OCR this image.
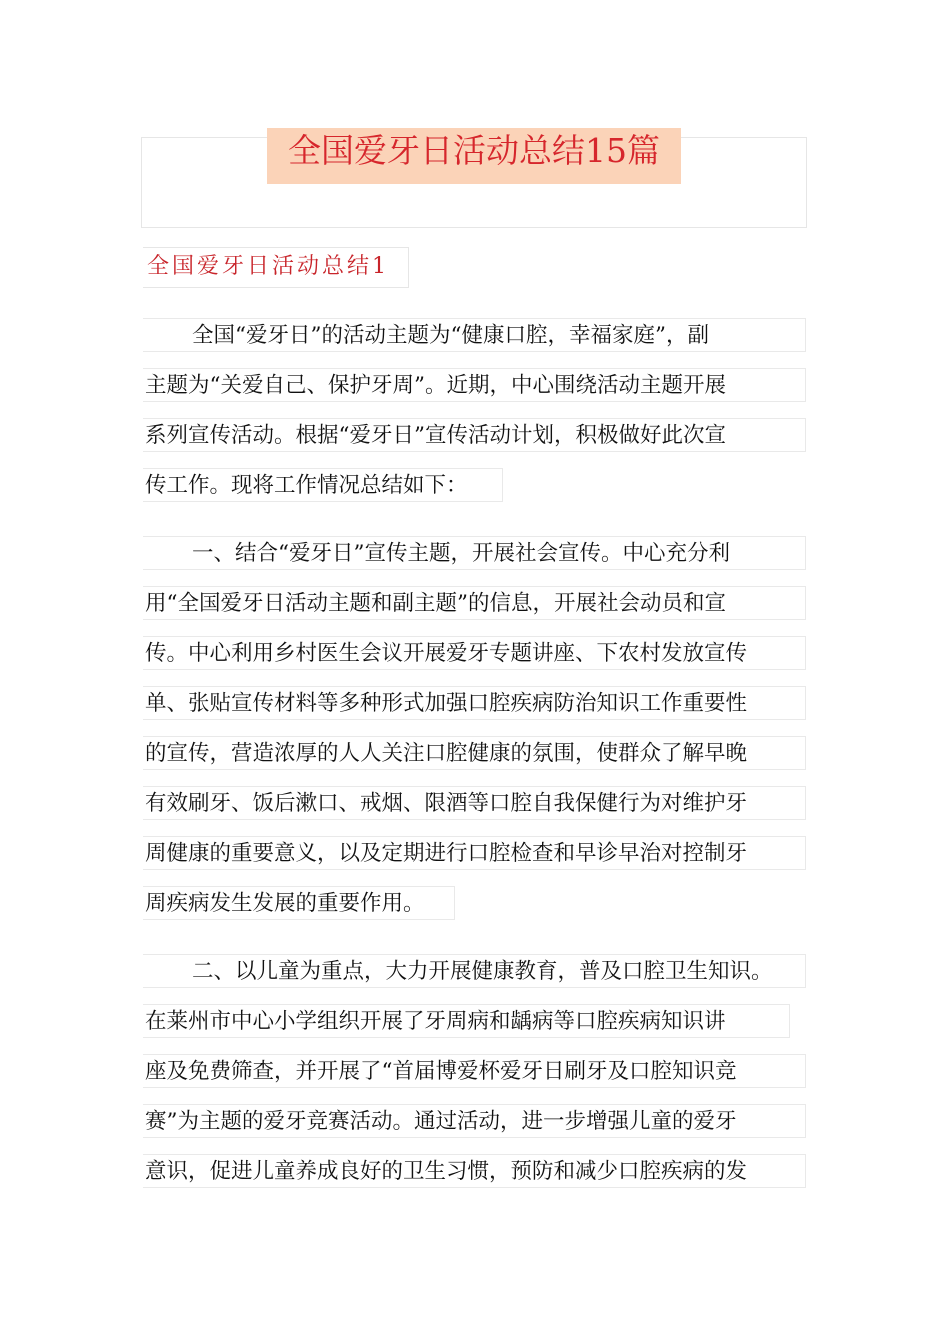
全国爱牙日活动总结15篇
全国爱牙日活动总结1
全国“爱牙日”的活动主题为“健康口腔，幸福家庭”，副
主题为“关爱自己、保护牙周”。近期，中心围绕活动主题开展
系列宣传活动。根据“爱牙日”宣传活动计划，积极做好此次宣
传工作。现将工作情况总结如下：
一、结合“爱牙日”宣传主题，开展社会宣传。中心充分利
用“全国爱牙日活动主题和副主题”的信息，开展社会动员和宣
传。中心利用乡村医生会议开展爱牙专题讲座、下农村发放宣传
单、张贴宣传材料等多种形式加强口腔疾病防治知识工作重要性
的宣传，营造浓厚的人人关注口腔健康的氛围，使群众了解早晚
有效刷牙、饭后漱口、戒烟、限酒等口腔自我保健行为对维护牙
周健康的重要意义，以及定期进行口腔检查和早诊早治对控制牙
周疾病发生发展的重要作用。
二、以儿童为重点，大力开展健康教育，普及口腔卫生知识。
在莱州市中心小学组织开展了牙周病和龋病等口腔疾病知识讲
座及免费筛查，并开展了“首届博爱杯爱牙日刷牙及口腔知识竞
赛”为主题的爱牙竞赛活动。通过活动，进一步增强儿童的爱牙
意识，促进儿童养成良好的卫生习惯，预防和减少口腔疾病的发
